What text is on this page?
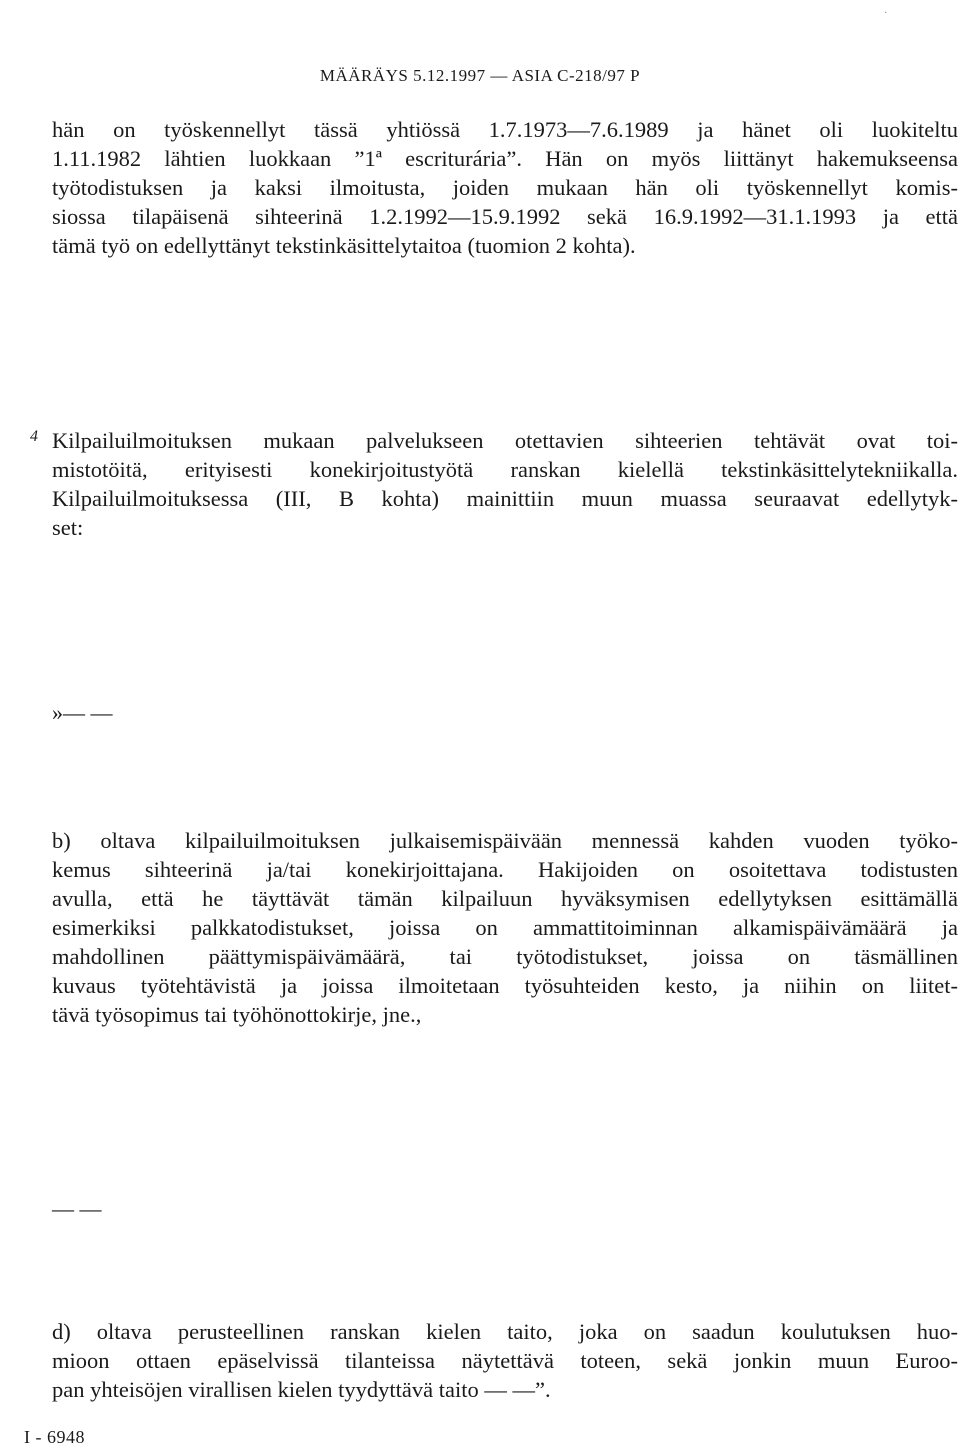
·
MÄÄRÄYS 5.12.1997 — ASIA C-218/97 P
hän on työskennellyt tässä yhtiössä 1.7.1973—7.6.1989 ja hänet oli luokiteltu
1.11.1982 lähtien luokkaan ”1ª escriturária”. Hän on myös liittänyt hakemukseensa
työtodistuksen ja kaksi ilmoitusta, joiden mukaan hän oli työskennellyt komis-
siossa tilapäisenä sihteerinä 1.2.1992—15.9.1992 sekä 16.9.1992—31.1.1993 ja että
tämä työ on edellyttänyt tekstinkäsittelytaitoa (tuomion 2 kohta).
4 Kilpailuilmoituksen mukaan palvelukseen otettavien sihteerien tehtävät ovat toi-
mistotöitä, erityisesti konekirjoitustyötä ranskan kielellä tekstinkäsittelytekniikalla.
Kilpailuilmoituksessa (III, B kohta) mainittiin muun muassa seuraavat edellytyk-
set:
»— —
b) oltava kilpailuilmoituksen julkaisemispäivään mennessä kahden vuoden työko-
kemus sihteerinä ja/tai konekirjoittajana. Hakijoiden on osoitettava todistusten
avulla, että he täyttävät tämän kilpailuun hyväksymisen edellytyksen esittämällä
esimerkiksi palkkatodistukset, joissa on ammattitoiminnan alkamispäivämäärä ja
mahdollinen päättymispäivämäärä, tai työtodistukset, joissa on täsmällinen
kuvaus työtehtävistä ja joissa ilmoitetaan työsuhteiden kesto, ja niihin on liitet-
tävä työsopimus tai työhönottokirje, jne.,
— —
d) oltava perusteellinen ranskan kielen taito, joka on saadun koulutuksen huo-
mioon ottaen epäselvissä tilanteissa näytettävä toteen, sekä jonkin muun Euroo-
pan yhteisöjen virallisen kielen tyydyttävä taito — —”.
I - 6948
